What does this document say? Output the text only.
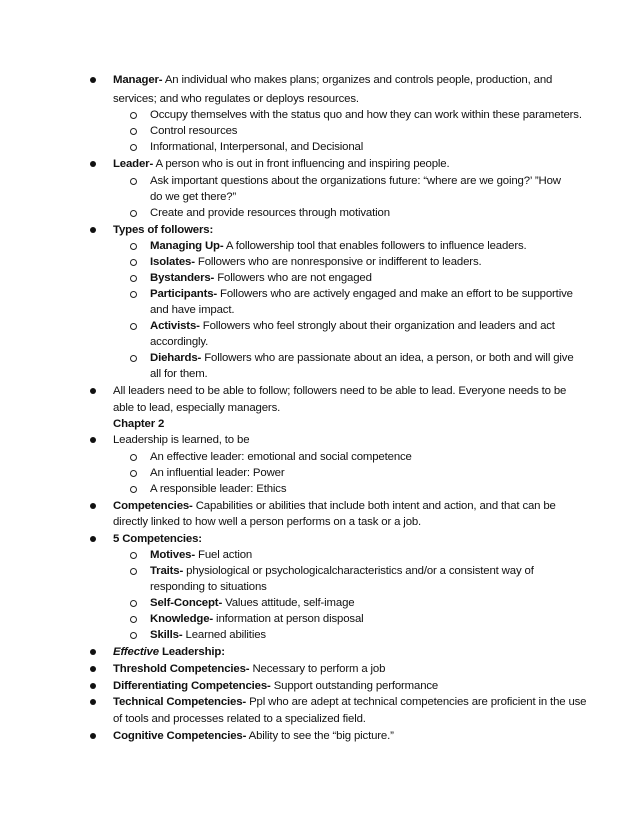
Manager- An individual who makes plans; organizes and controls people, production, and
services; and who regulates or deploys resources.
Occupy themselves with the status quo and how they can work within these parameters.
Control resources
Informational, Interpersonal, and Decisional
Leader- A person who is out in front influencing and inspiring people.
Ask important questions about the organizations future: “where are we going?’ ”How
do we get there?”
Create and provide resources through motivation
Types of followers:
Managing Up- A followership tool that enables followers to influence leaders.
Isolates- Followers who are nonresponsive or indifferent to leaders.
Bystanders- Followers who are not engaged
Participants- Followers who are actively engaged and make an effort to be supportive
and have impact.
Activists- Followers who feel strongly about their organization and leaders and act
accordingly.
Diehards- Followers who are passionate about an idea, a person, or both and will give
all for them.
All leaders need to be able to follow; followers need to be able to lead. Everyone needs to be
able to lead, especially managers.
Chapter 2
Leadership is learned, to be
An effective leader: emotional and social competence
An influential leader: Power
A responsible leader: Ethics
Competencies- Capabilities or abilities that include both intent and action, and that can be
directly linked to how well a person performs on a task or a job.
5 Competencies:
Motives- Fuel action
Traits- physiological or psychologicalcharacteristics and/or a consistent way of
responding to situations
Self-Concept- Values attitude, self-image
Knowledge- information at person disposal
Skills- Learned abilities
Effective Leadership:
Threshold Competencies- Necessary to perform a job
Differentiating Competencies- Support outstanding performance
Technical Competencies- Ppl who are adept at technical competencies are proficient in the use
of tools and processes related to a specialized field.
Cognitive Competencies- Ability to see the “big picture.”
